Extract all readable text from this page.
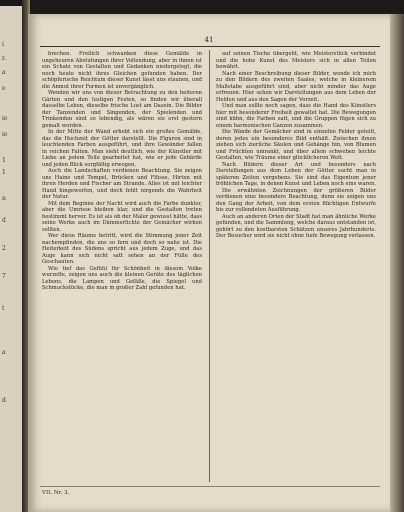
i
r.
a
e
ie
ie
1
1
n
d
2
7
t
a
d
41

brechen. Freilich schwanken diese Gemälde in ungeheuren Abstufungen ihrer Vollendung, aber in ihnen ist ein Schatz von Gestalten und Gedanken niedergelegt, die noch heute nicht ihres Gleichen gefunden haben. Der schöpferische Reichtum dieser Kunst lässt uns staunen, und die Anmut ihrer Formen ist unvergänglich.

Wenden wir uns von dieser Betrachtung zu den heiteren Gärten und den lustigen Festen, so finden wir überall dasselbe Leben, dieselbe frische Lust am Dasein. Die Bilder der Tanzenden und Singenden, der Spielenden und Trinkenden sind so lebendig, als wären sie erst gestern gemalt worden.

In der Mitte der Wand erhebt sich ein großes Gemälde, das die Hochzeit der Götter darstellt. Die Figuren sind in leuchtenden Farben ausgeführt, und ihre Gewänder fallen in reichen Falten. Man sieht deutlich, wie der Künstler mit Liebe an jedem Teile gearbeitet hat, wie er jede Gebärde und jeden Blick sorgfältig erwogen.

Auch die Landschaften verdienen Beachtung. Sie zeigen uns Haine und Tempel, Brücken und Flüsse, Hirten mit ihren Herden und Fischer am Strande. Alles ist mit leichter Hand hingeworfen, und doch fehlt nirgends die Wahrheit der Natur.

Mit dem Beginne der Nacht wird auch die Farbe dunkler, aber die Umrisse bleiben klar, und die Gestalten treten bestimmt hervor. Es ist als ob der Maler gewusst hätte, dass seine Werke auch im Dämmerlichte der Gemächer wirken sollten.

Wer diese Räume betritt, wird die Stimmung jener Zeit nachempfinden, die uns so fern und doch so nahe ist. Die Heiterkeit des Südens spricht aus jedem Zuge, und das Auge kann sich nicht satt sehen an der Fülle des Geschauten.

Wie tief das Gefühl für Schönheit in diesem Volke wurzelte, zeigen uns auch die kleinen Geräte des täglichen Lebens, die Lampen und Gefäße, die Spiegel und Schmuckstücke, die man in großer Zahl gefunden hat.

auf seinen Tische übergeht, wie Meisterstück verbindet und die hohe Kunst des Meisters sich in allen Teilen bewährt.

Nach einer Beschreibung dieser Bilder, wende ich mich zu den Bildern des zweiten Saales, welche in kleinerem Maßstabe ausgeführt sind, aber nicht minder das Auge erfreuen. Hier sehen wir Darstellungen aus dem Leben der Helden und aus den Sagen der Vorzeit.

Und man sollte noch sagen, dass die Hand des Künstlers hier mit besonderer Freiheit gewaltet hat. Die Bewegungen sind kühn, die Farben satt, und die Gruppen fügen sich zu einem harmonischen Ganzen zusammen.

Die Wände der Gemächer sind in einzelne Felder geteilt, deren jedes ein besonderes Bild enthält. Zwischen ihnen ziehen sich zierliche Säulen und Gehänge hin, von Blumen und Früchten umrankt, und über allem schweben leichte Gestalten, wie Träume einer glücklicheren Welt.

Nach Bildern dieser Art und besonders nach Darstellungen aus dem Leben der Götter sucht man in späteren Zeiten vergebens. Sie sind das Eigentum jener fröhlichen Tage, in denen Kunst und Leben noch eins waren.

Die erwähnten Zeichnungen der größeren Bilder verdienen eine besondere Beachtung, denn sie zeigen uns den Gang der Arbeit, von dem ersten flüchtigen Entwurfe bis zur vollendeten Ausführung.

Auch an anderen Orten der Stadt hat man ähnliche Werke gefunden, und die Sammlung, welche daraus entstanden ist, gehört zu den kostbarsten Schätzen unseres Jahrhunderts. Der Besucher wird sie nicht ohne tiefe Bewegung verlassen.

VII. Nr. 3.
